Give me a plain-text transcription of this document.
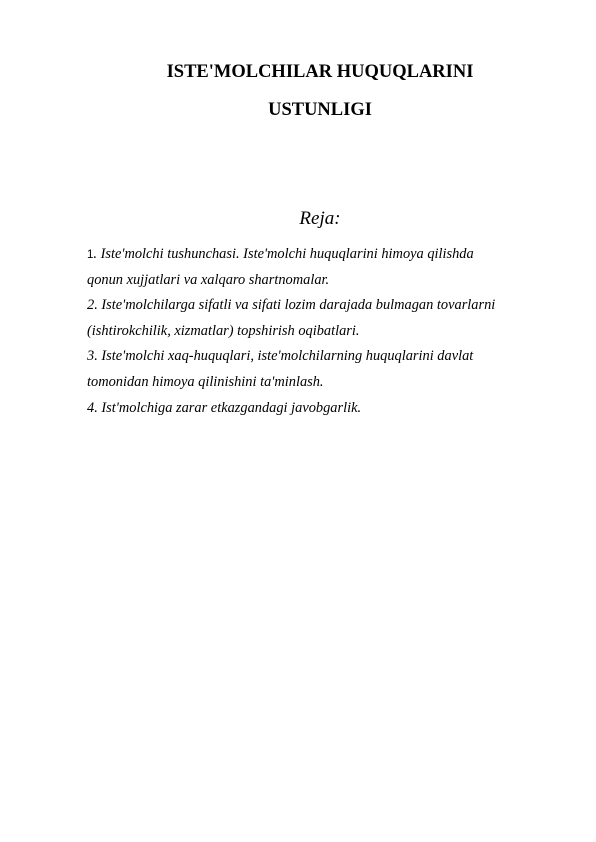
ISTE'MOLCHILAR HUQUQLARINI
USTUNLIGI
Reja:
1. Iste'molchi tushunchasi. Iste'molchi huquqlarini himoya qilishda
qonun xujjatlari va xalqaro shartnomalar.
2. Iste'molchilarga sifatli va sifati lozim darajada bulmagan tovarlarni
(ishtirokchilik, xizmatlar) topshirish oqibatlari.
3. Iste'molchi xaq-huquqlari, iste'molchilarning huquqlarini davlat
tomonidan himoya qilinishini ta'minlash.
4. Ist'molchiga zarar etkazgandagi javobgarlik.
